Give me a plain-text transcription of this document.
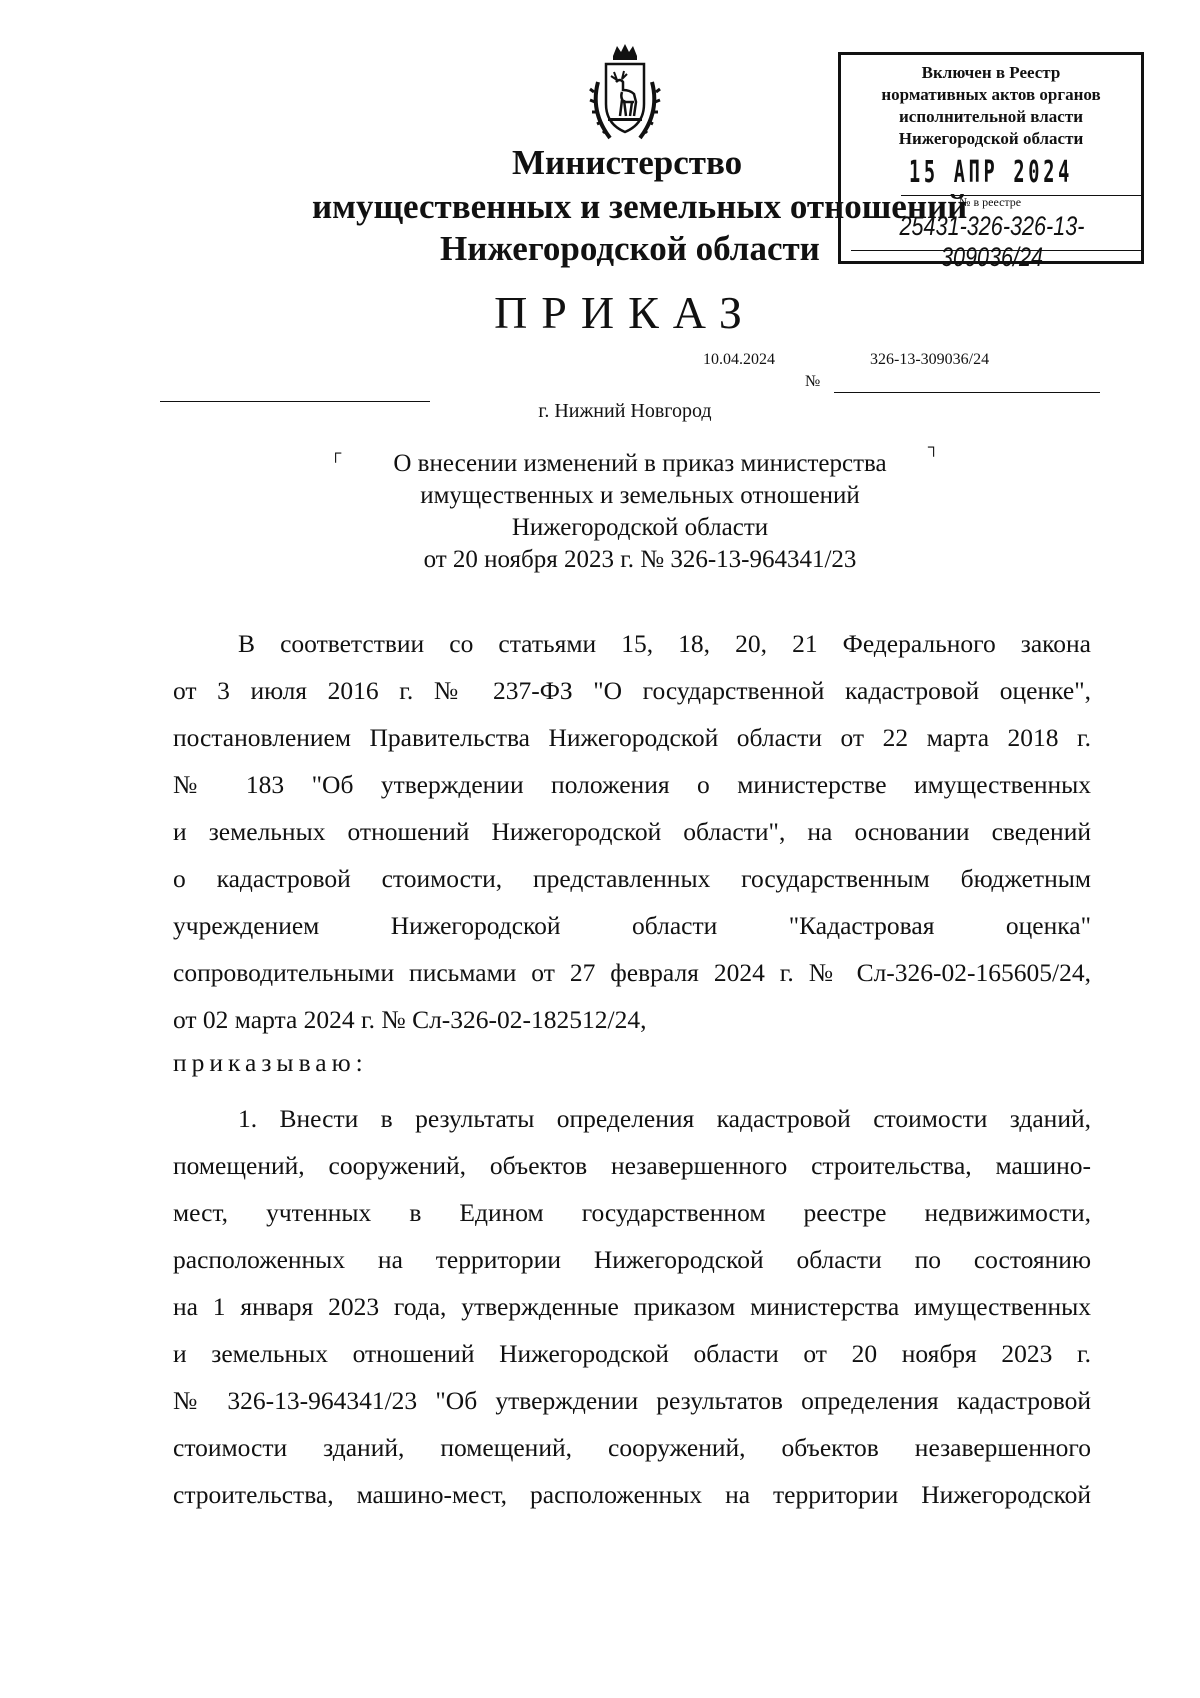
Включен в Реестр
нормативных актов органов
исполнительной власти
Нижегородской области
15 АПР 2024
№ в реестре
25431-326-326-13-309036/24
Министерство
имущественных и земельных отношений
Нижегородской области
ПРИКАЗ
10.04.2024	326-13-309036/24
№
г. Нижний Новгород
┌	┐
О внесении изменений в приказ министерства
имущественных и земельных отношений
Нижегородской области
от 20 ноября 2023 г. № 326-13-964341/23
В соответствии со статьями 15, 18, 20, 21 Федерального закона
от 3 июля 2016 г. № 237-ФЗ "О государственной кадастровой оценке",
постановлением Правительства Нижегородской области от 22 марта 2018 г.
№ 183 "Об утверждении положения о министерстве имущественных
и земельных отношений Нижегородской области", на основании сведений
о кадастровой стоимости, представленных государственным бюджетным
учреждением Нижегородской области "Кадастровая оценка"
сопроводительными письмами от 27 февраля 2024 г. № Сл-326-02-165605/24,
от 02 марта 2024 г. № Сл-326-02-182512/24,
приказываю:
1. Внести в результаты определения кадастровой стоимости зданий,
помещений, сооружений, объектов незавершенного строительства, машино-
мест, учтенных в Едином государственном реестре недвижимости,
расположенных на территории Нижегородской области по состоянию
на 1 января 2023 года, утвержденные приказом министерства имущественных
и земельных отношений Нижегородской области от 20 ноября 2023 г.
№ 326-13-964341/23 "Об утверждении результатов определения кадастровой
стоимости зданий, помещений, сооружений, объектов незавершенного
строительства, машино-мест, расположенных на территории Нижегородской
